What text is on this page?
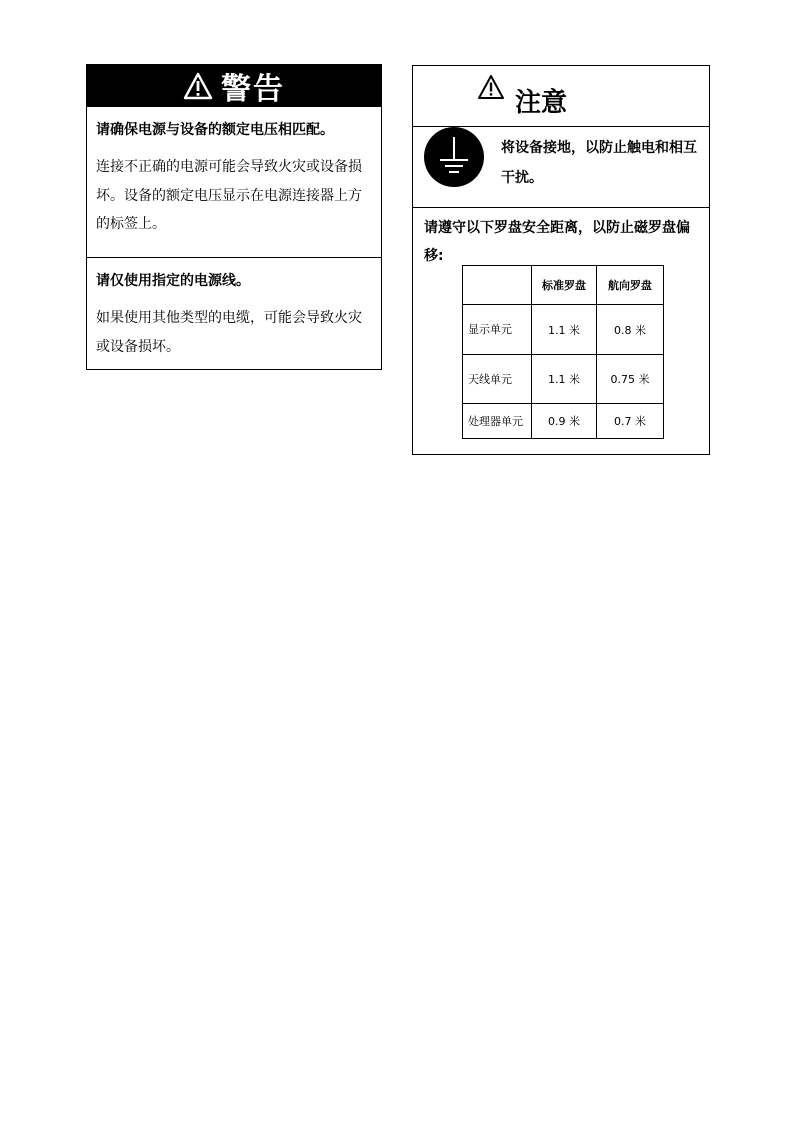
警告
请确保电源与设备的额定电压相匹配。
连接不正确的电源可能会导致火灾或设备损坏。设备的额定电压显示在电源连接器上方的标签上。
请仅使用指定的电源线。
如果使用其他类型的电缆，可能会导致火灾或设备损坏。
注意
将设备接地，以防止触电和相互干扰。
请遵守以下罗盘安全距离，以防止磁罗盘偏移:
	标准罗盘	航向罗盘
显示单元	1.1 米	0.8 米
天线单元	1.1 米	0.75 米
处理器单元	0.9 米	0.7 米
